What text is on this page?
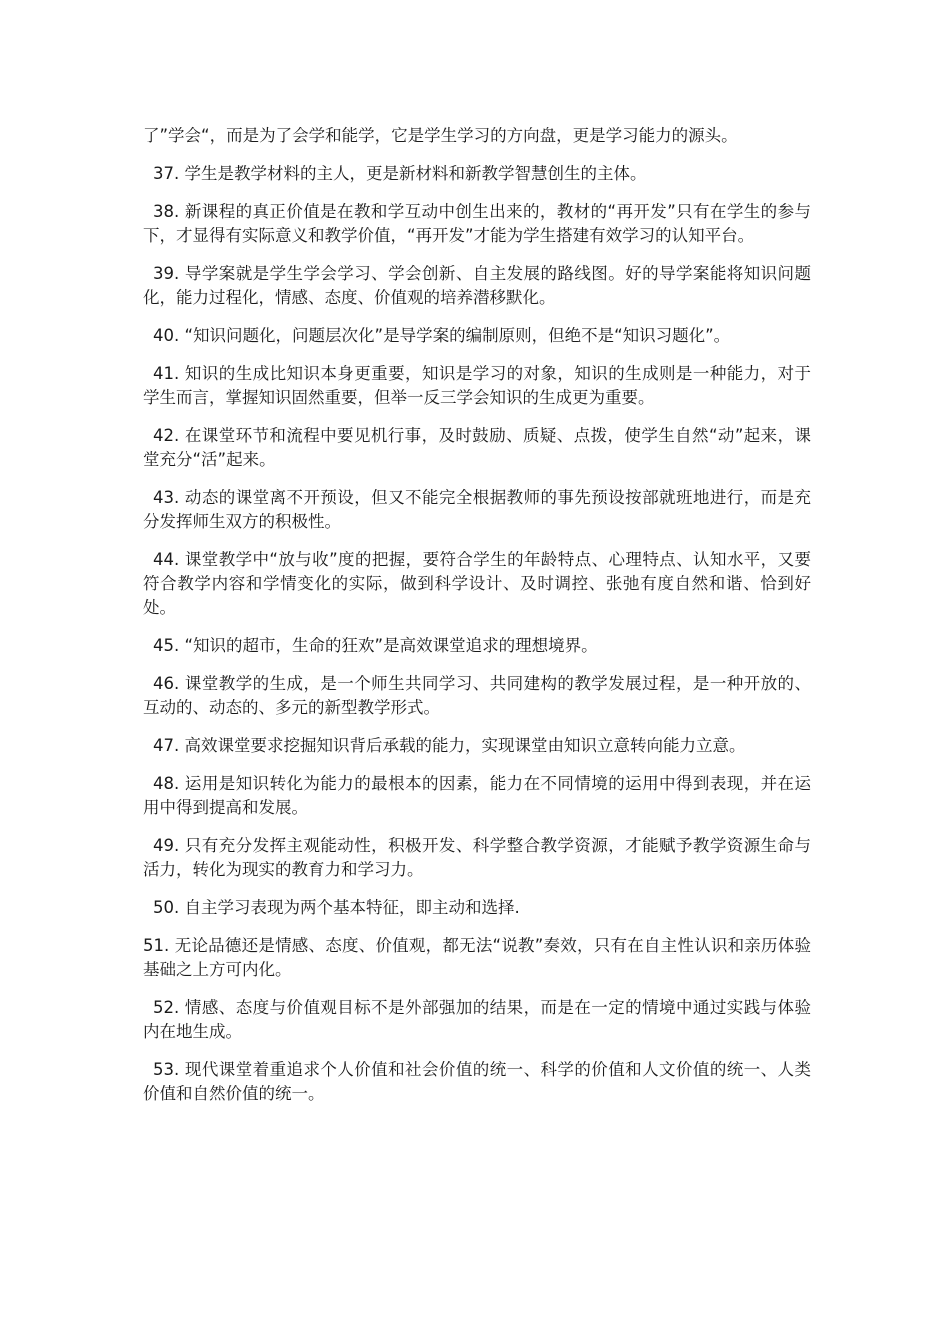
了”学会“，而是为了会学和能学，它是学生学习的方向盘，更是学习能力的源头。

37. 学生是教学材料的主人，更是新材料和新教学智慧创生的主体。

38. 新课程的真正价值是在教和学互动中创生出来的，教材的“再开发”只有在学生的参与下，才显得有实际意义和教学价值，“再开发”才能为学生搭建有效学习的认知平台。

39. 导学案就是学生学会学习、学会创新、自主发展的路线图。好的导学案能将知识问题化，能力过程化，情感、态度、价值观的培养潜移默化。

40. “知识问题化，问题层次化”是导学案的编制原则，但绝不是“知识习题化”。

41. 知识的生成比知识本身更重要，知识是学习的对象，知识的生成则是一种能力，对于学生而言，掌握知识固然重要，但举一反三学会知识的生成更为重要。

42. 在课堂环节和流程中要见机行事，及时鼓励、质疑、点拨，使学生自然“动”起来，课堂充分“活”起来。

43. 动态的课堂离不开预设，但又不能完全根据教师的事先预设按部就班地进行，而是充分发挥师生双方的积极性。

44. 课堂教学中“放与收”度的把握，要符合学生的年龄特点、心理特点、认知水平，又要符合教学内容和学情变化的实际，做到科学设计、及时调控、张弛有度自然和谐、恰到好处。

45. “知识的超市，生命的狂欢”是高效课堂追求的理想境界。

46. 课堂教学的生成，是一个师生共同学习、共同建构的教学发展过程，是一种开放的、互动的、动态的、多元的新型教学形式。

47. 高效课堂要求挖掘知识背后承载的能力，实现课堂由知识立意转向能力立意。

48. 运用是知识转化为能力的最根本的因素，能力在不同情境的运用中得到表现，并在运用中得到提高和发展。

49. 只有充分发挥主观能动性，积极开发、科学整合教学资源，才能赋予教学资源生命与活力，转化为现实的教育力和学习力。

50. 自主学习表现为两个基本特征，即主动和选择.

51. 无论品德还是情感、态度、价值观，都无法“说教”奏效，只有在自主性认识和亲历体验基础之上方可内化。

52. 情感、态度与价值观目标不是外部强加的结果，而是在一定的情境中通过实践与体验内在地生成。

53. 现代课堂着重追求个人价值和社会价值的统一、科学的价值和人文价值的统一、人类价值和自然价值的统一。
